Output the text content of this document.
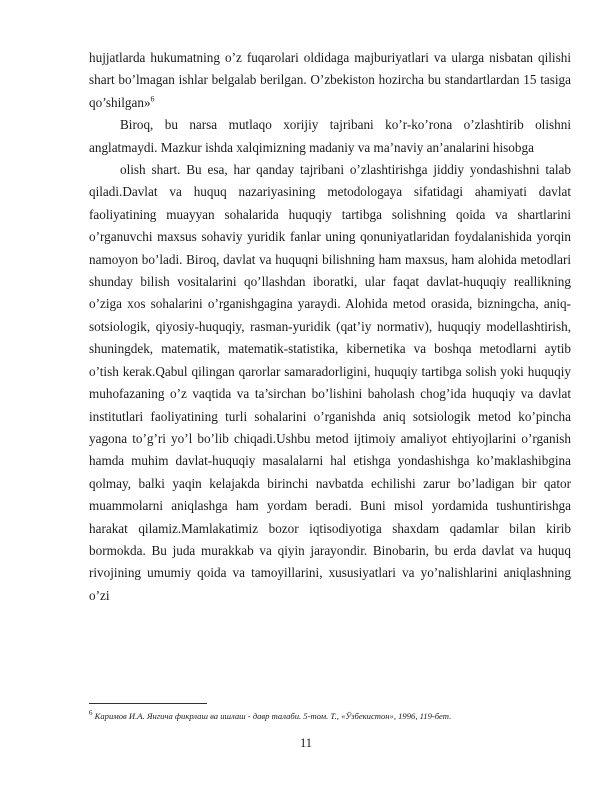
hujjatlarda hukumatning o’z fuqarolari oldidaga majburiyatlari va ularga nisbatan qilishi shart bo’lmagan ishlar belgalab berilgan. O’zbekiston hozircha bu standartlardan 15 tasiga qo’shilgan»$^6$

Biroq, bu narsa mutlaqo xorijiy tajribani ko’r-ko’rona o’zlashtirib olishni anglatmaydi. Mazkur ishda xalqimizning madaniy va ma’naviy an’analarini hisobga

olish shart. Bu esa, har qanday tajribani o’zlashtirishga jiddiy yondashishni talab qiladi.Davlat va huquq nazariyasining metodologaya sifatidagi ahamiyati davlat faoliyatining muayyan sohalarida huquqiy tartibga solishning qoida va shartlarini o’rganuvchi maxsus sohaviy yuridik fanlar uning qonuniyatlaridan foydalanishida yorqin namoyon bo’ladi. Biroq, davlat va huquqni bilishning ham maxsus, ham alohida metodlari shunday bilish vositalarini qo’llashdan iboratki, ular faqat davlat-huquqiy reallikning o’ziga xos sohalarini o’rganishgagina yaraydi. Alohida metod orasida, bizningcha, aniq-sotsiologik, qiyosiy-huquqiy, rasman-yuridik (qat’iy normativ), huquqiy modellashtirish, shuningdek, matematik, matematik-statistika, kibernetika va boshqa metodlarni aytib o’tish kerak.Qabul qilingan qarorlar samaradorligini, huquqiy tartibga solish yoki huquqiy muhofazaning o’z vaqtida va ta’sirchan bo’lishini baholash chog’ida huquqiy va davlat institutlari faoliyatining turli sohalarini o’rganishda aniq sotsiologik metod ko’pincha yagona to’g’ri yo’l bo’lib chiqadi.Ushbu metod ijtimoiy amaliyot ehtiyojlarini o’rganish hamda muhim davlat-huquqiy masalalarni hal etishga yondashishga ko’maklashibgina qolmay, balki yaqin kelajakda birinchi navbatda echilishi zarur bo’ladigan bir qator muammolarni aniqlashga ham yordam beradi. Buni misol yordamida tushuntirishga harakat qilamiz.Mamlakatimiz bozor iqtisodiyotiga shaxdam qadamlar bilan kirib bormokda. Bu juda murakkab va qiyin jarayondir. Binobarin, bu erda davlat va huquq rivojining umumiy qoida va tamoyillarini, xususiyatlari va yo’nalishlarini aniqlashning o’zi

$^6$ Каримов И.А. Янгича фикрлаш ва ишлаш - давр талаби. 5-том. Т., «Ўзбекистон», 1996, 119-бет.
11
